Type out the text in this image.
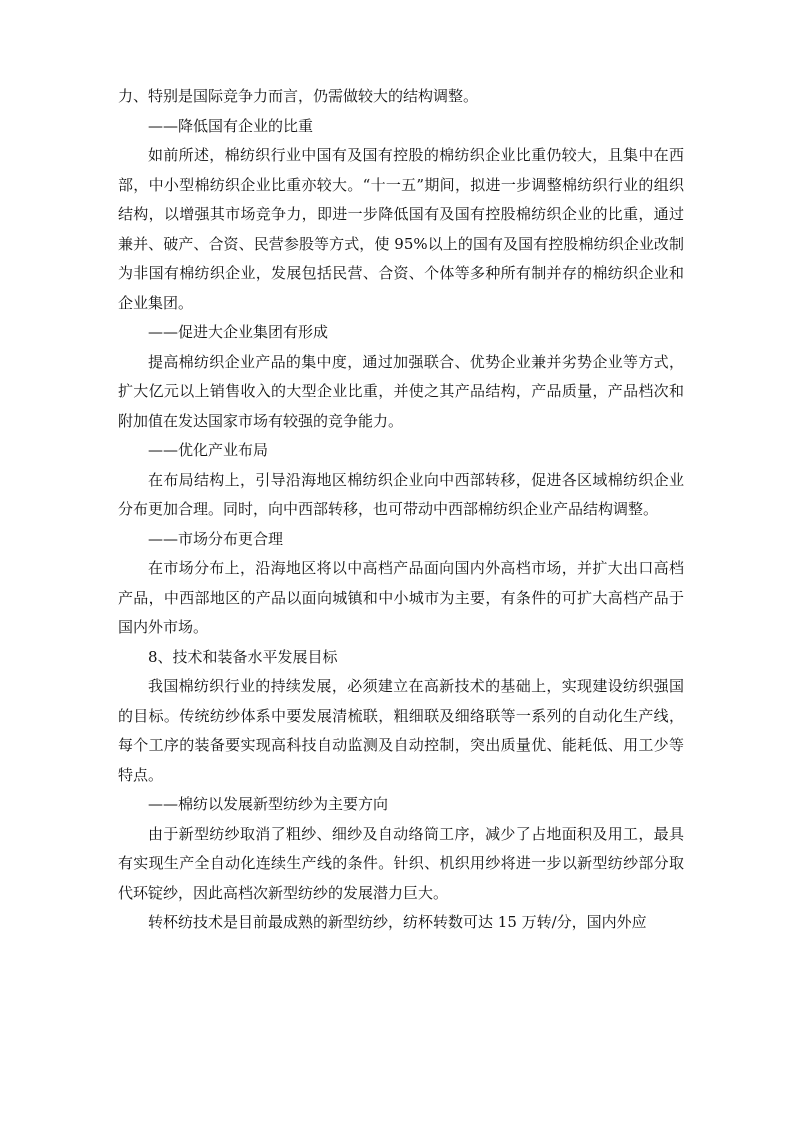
力、特别是国际竞争力而言，仍需做较大的结构调整。

——降低国有企业的比重

如前所述，棉纺织行业中国有及国有控股的棉纺织企业比重仍较大，且集中在西部，中小型棉纺织企业比重亦较大。“十一五”期间，拟进一步调整棉纺织行业的组织结构，以增强其市场竞争力，即进一步降低国有及国有控股棉纺织企业的比重，通过兼并、破产、合资、民营参股等方式，使 95%以上的国有及国有控股棉纺织企业改制为非国有棉纺织企业，发展包括民营、合资、个体等多种所有制并存的棉纺织企业和企业集团。

——促进大企业集团有形成

提高棉纺织企业产品的集中度，通过加强联合、优势企业兼并劣势企业等方式，扩大亿元以上销售收入的大型企业比重，并使之其产品结构，产品质量，产品档次和附加值在发达国家市场有较强的竞争能力。

——优化产业布局

在布局结构上，引导沿海地区棉纺织企业向中西部转移，促进各区域棉纺织企业分布更加合理。同时，向中西部转移，也可带动中西部棉纺织企业产品结构调整。

——市场分布更合理

在市场分布上，沿海地区将以中高档产品面向国内外高档市场，并扩大出口高档产品，中西部地区的产品以面向城镇和中小城市为主要，有条件的可扩大高档产品于国内外市场。

8、技术和装备水平发展目标

我国棉纺织行业的持续发展，必须建立在高新技术的基础上，实现建设纺织强国的目标。传统纺纱体系中要发展清梳联，粗细联及细络联等一系列的自动化生产线，每个工序的装备要实现高科技自动监测及自动控制，突出质量优、能耗低、用工少等特点。

——棉纺以发展新型纺纱为主要方向

由于新型纺纱取消了粗纱、细纱及自动络筒工序，减少了占地面积及用工，最具有实现生产全自动化连续生产线的条件。针织、机织用纱将进一步以新型纺纱部分取代环锭纱，因此高档次新型纺纱的发展潜力巨大。

转杯纺技术是目前最成熟的新型纺纱，纺杯转数可达 15 万转/分，国内外应
